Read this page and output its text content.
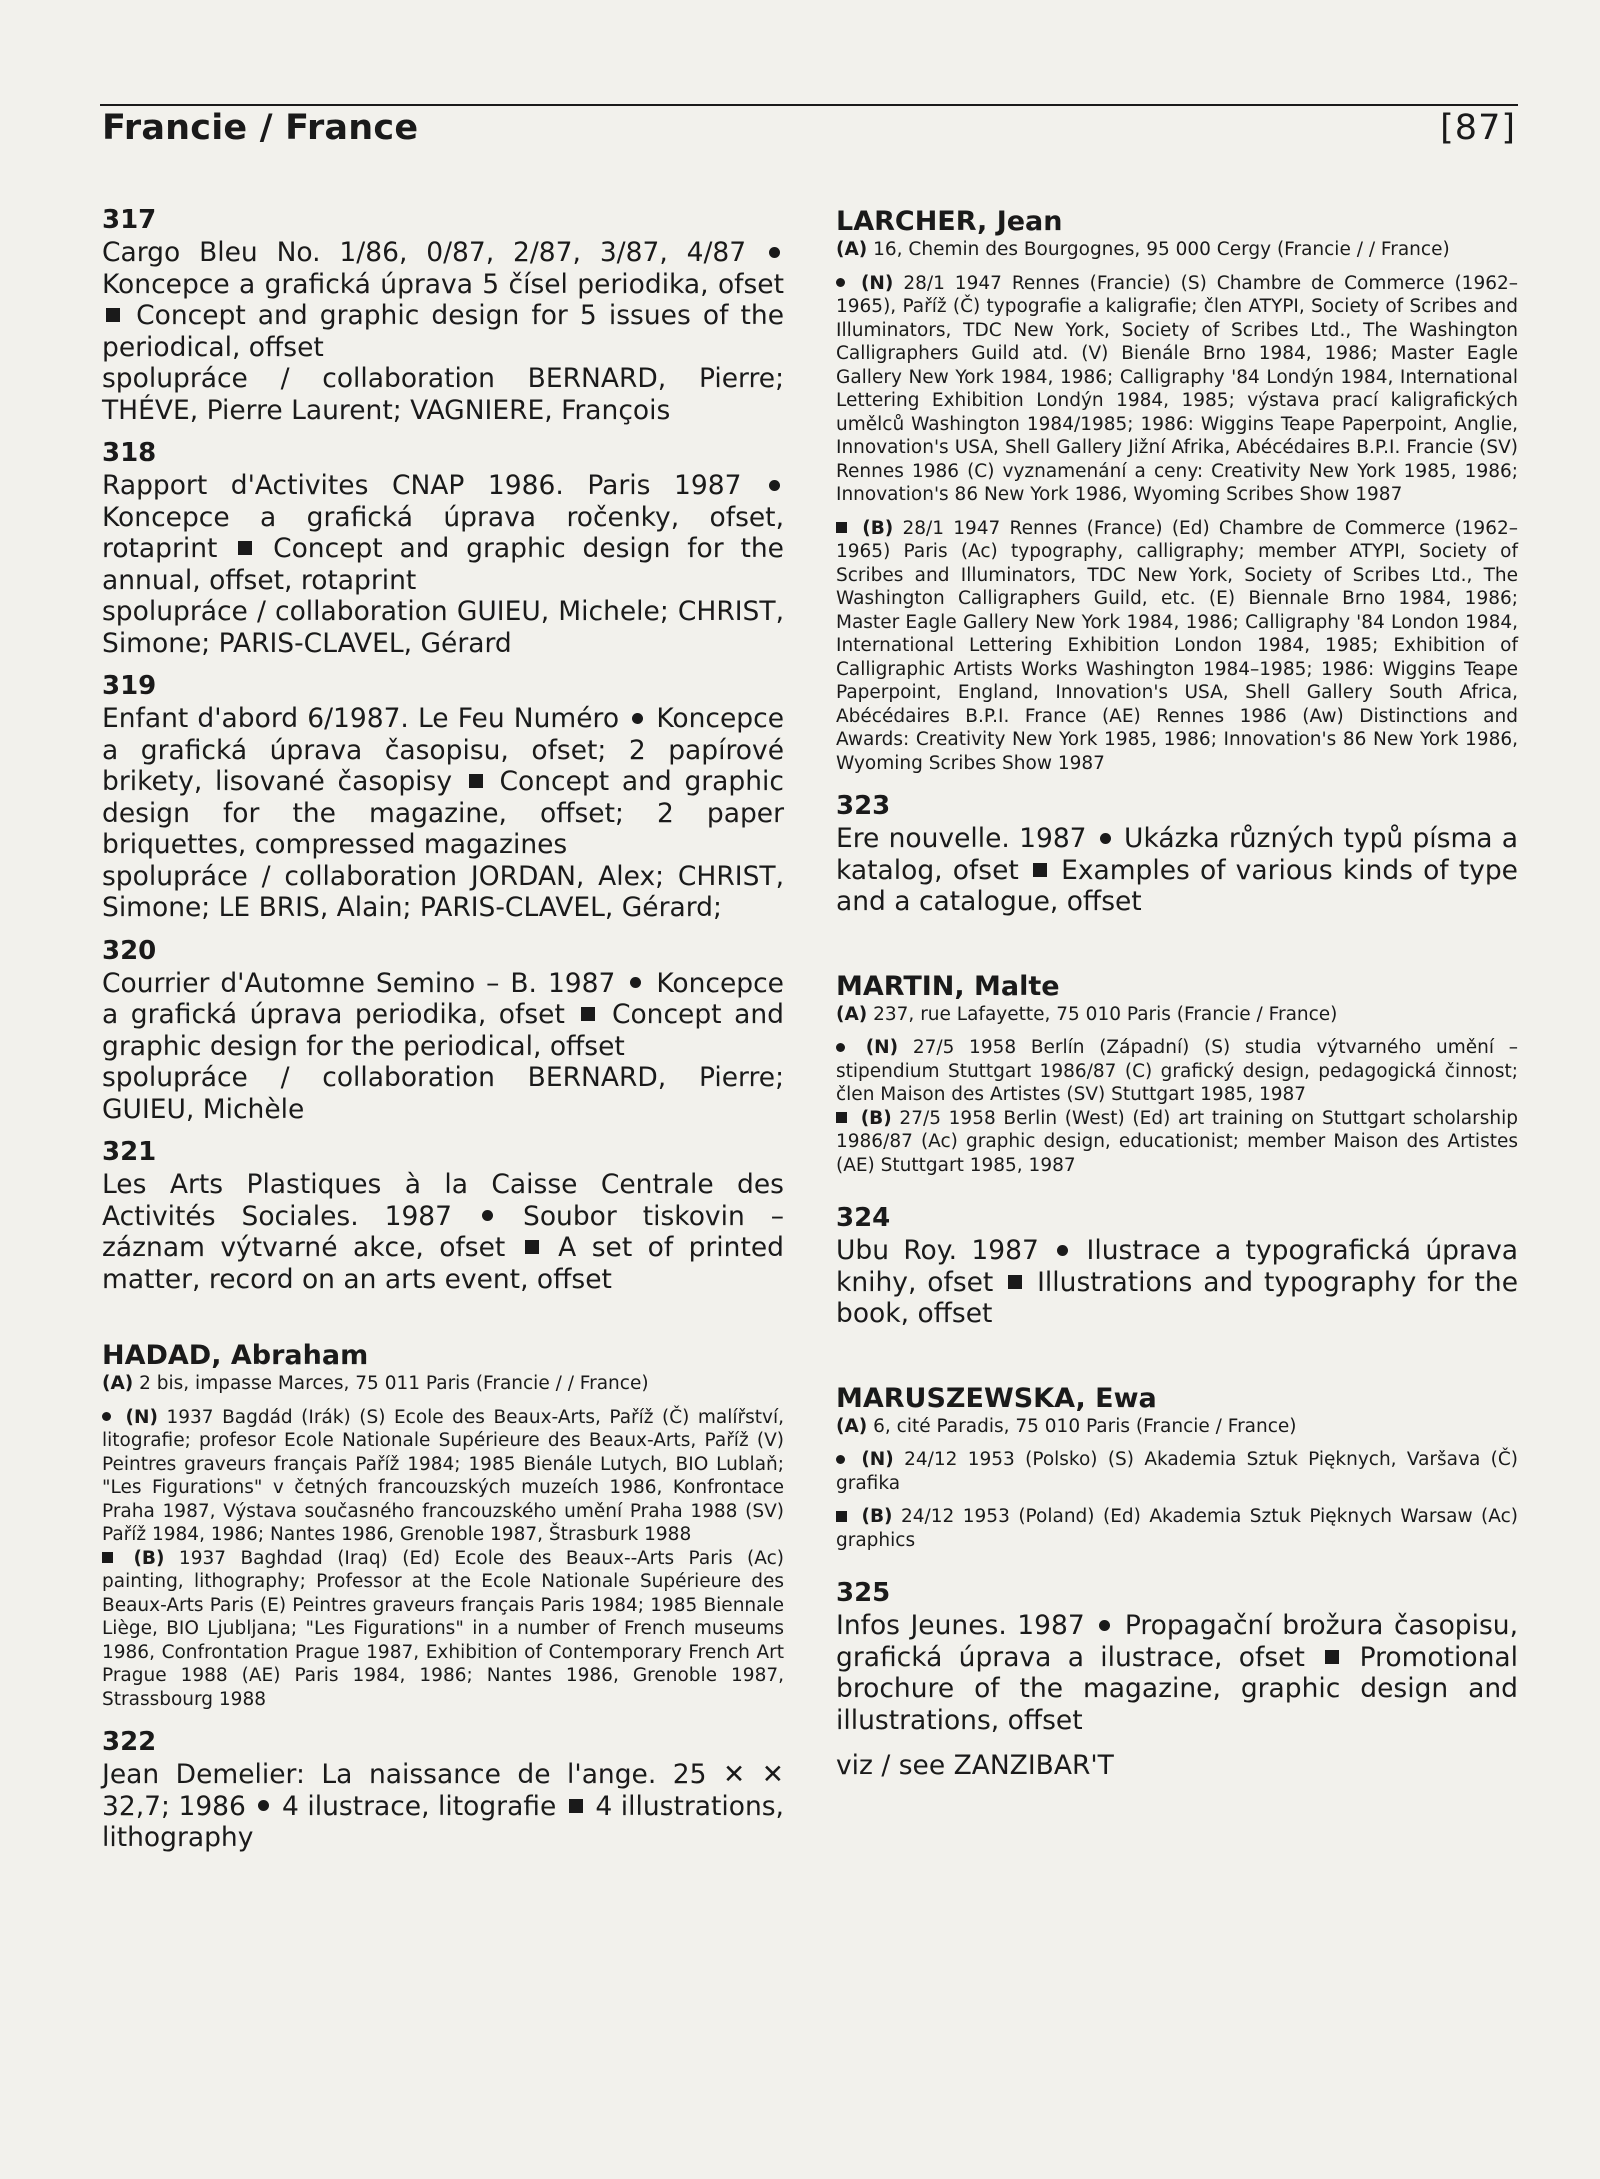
Francie / France	[87]
317
Cargo Bleu No. 1/86, 0/87, 2/87, 3/87, 4/87  Koncepce a grafická úprava 5 čísel periodika, ofset  Concept and graphic design for 5 issues of the periodical, offset
spolupráce / collaboration BERNARD, Pierre; THÉVE, Pierre Laurent; VAGNIERE, François
318
Rapport d'Activites CNAP 1986. Paris 1987  Koncepce a grafická úprava ročenky, ofset, rotaprint Concept and graphic design for the annual, offset, rotaprint
spolupráce / collaboration GUIEU, Michele; CHRIST, Simone; PARIS-CLAVEL, Gérard
319
Enfant d'abord 6/1987. Le Feu Numéro Koncepce a grafická úprava časopisu, ofset; 2 papírové brikety, lisované časopisy Concept and graphic design for the magazine, offset; 2 paper briquettes, compressed magazines
spolupráce / collaboration JORDAN, Alex; CHRIST, Simone; LE BRIS, Alain; PARIS-CLAVEL, Gérard;
320
Courrier d'Automne Semino – B. 1987 Koncepce a grafická úprava periodika, ofset Concept and graphic design for the periodical, offset
spolupráce / collaboration BERNARD, Pierre; GUIEU, Michèle
321
Les Arts Plastiques à la Caisse Centrale des Activités Sociales. 1987	Soubor tiskovin – záznam výtvarné akce, ofset A set of printed matter, record on an arts event, offset
HADAD, Abraham
(A) 2 bis, impasse Marces, 75 011 Paris (Francie / / France)
(N) 1937 Bagdád (Irák) (S) Ecole des Beaux-Arts, Paříž (Č) malířství, litografie; profesor Ecole Nationale Supérieure des Beaux-Arts, Paříž (V) Peintres graveurs français Paříž 1984; 1985 Bienále Lutych, BIO Lublaň; "Les Figurations" v četných francouzských muzeích 1986, Konfrontace Praha 1987, Výstava současného francouzského umění Praha 1988 (SV) Paříž 1984, 1986; Nantes 1986, Grenoble 1987, Štrasburk 1988
(B) 1937 Baghdad (Iraq) (Ed) Ecole des Beaux--Arts Paris (Ac) painting, lithography; Professor at the Ecole Nationale Supérieure des Beaux-Arts Paris (E) Peintres graveurs français Paris 1984; 1985 Biennale Liège, BIO Ljubljana; "Les Figurations" in a number of French museums 1986, Confrontation Prague 1987, Exhibition of Contemporary French Art Prague 1988 (AE) Paris 1984, 1986; Nantes 1986, Grenoble 1987, Strassbourg 1988
322
Jean Demelier: La naissance de l'ange. 25 ✕ ✕ 32,7; 1986 4 ilustrace, litografie 4 illustrations, lithography
LARCHER, Jean
(A) 16, Chemin des Bourgognes, 95 000 Cergy (Francie / / France)
(N) 28/1 1947 Rennes (Francie) (S) Chambre de Commerce (1962–1965), Paříž (Č) typografie a kaligrafie; člen ATYPI, Society of Scribes and Illuminators, TDC New York, Society of Scribes Ltd., The Washington Calligraphers Guild atd. (V) Bienále Brno 1984, 1986; Master Eagle Gallery New York 1984, 1986; Calligraphy '84 Londýn 1984, International Lettering Exhibition Londýn 1984, 1985; výstava prací kaligrafických umělců Washington 1984/1985; 1986: Wiggins Teape Paperpoint, Anglie, Innovation's USA, Shell Gallery Jižní Afrika, Abécédaires B.P.I. Francie (SV) Rennes 1986 (C) vyznamenání a ceny: Creativity New York 1985, 1986; Innovation's 86 New York 1986, Wyoming Scribes Show 1987
(B) 28/1 1947 Rennes (France) (Ed) Chambre de Commerce (1962–1965) Paris (Ac) typography, calligraphy; member ATYPI, Society of Scribes and Illuminators, TDC New York, Society of Scribes Ltd., The Washington Calligraphers Guild, etc. (E) Biennale Brno 1984, 1986; Master Eagle Gallery New York 1984, 1986; Calligraphy '84 London 1984, International Lettering Exhibition London 1984, 1985; Exhibition of Calligraphic Artists Works Washington 1984–1985; 1986: Wiggins Teape Paperpoint, England, Innovation's USA, Shell Gallery South Africa, Abécédaires B.P.I. France (AE) Rennes 1986 (Aw) Distinctions and Awards: Creativity New York 1985, 1986; Innovation's 86 New York 1986, Wyoming Scribes Show 1987
323
Ere nouvelle. 1987 Ukázka různých typů písma a katalog, ofset Examples of various kinds of type and a catalogue, offset
MARTIN, Malte
(A) 237, rue Lafayette, 75 010 Paris (Francie / France)
(N) 27/5 1958 Berlín (Západní) (S) studia výtvarného umění – stipendium Stuttgart 1986/87 (C) grafický design, pedagogická činnost; člen Maison des Artistes (SV) Stuttgart 1985, 1987
(B) 27/5 1958 Berlin (West) (Ed) art training on Stuttgart scholarship 1986/87 (Ac) graphic design, educationist; member Maison des Artistes (AE) Stuttgart 1985, 1987
324
Ubu Roy. 1987 Ilustrace a typografická úprava knihy, ofset Illustrations and typography for the book, offset
MARUSZEWSKA, Ewa
(A) 6, cité Paradis, 75 010 Paris (Francie / France)
(N) 24/12 1953 (Polsko) (S) Akademia Sztuk Pięknych, Varšava (Č) grafika
(B) 24/12 1953 (Poland) (Ed) Akademia Sztuk Pięknych Warsaw (Ac) graphics
325
Infos Jeunes. 1987 Propagační brožura časopisu, grafická úprava a ilustrace, ofset Promotional brochure of the magazine, graphic design and illustrations, offset
viz / see ZANZIBAR'T
